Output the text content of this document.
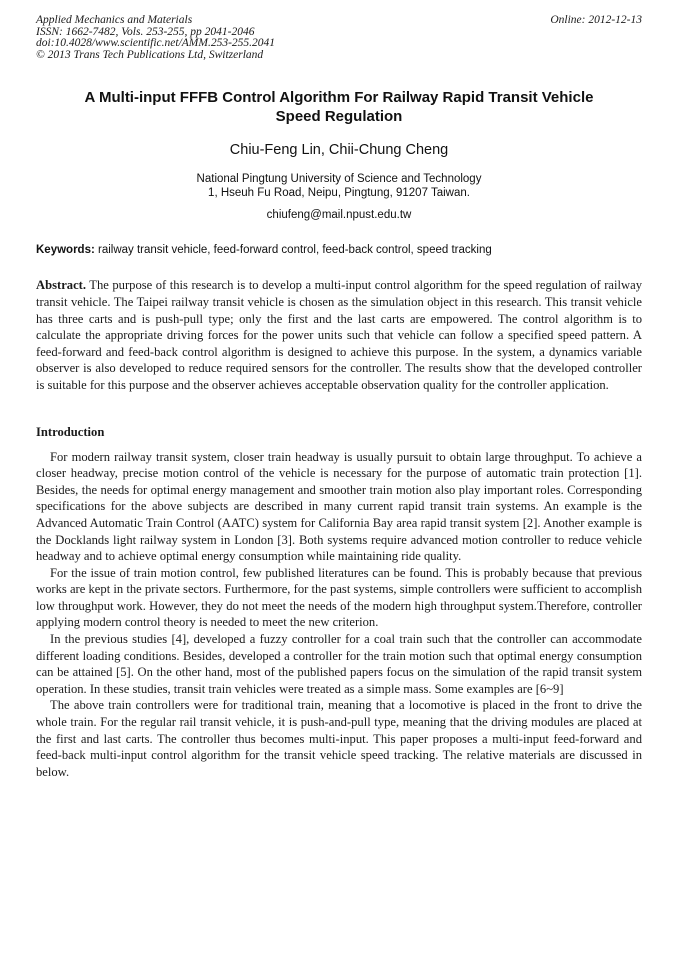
Applied Mechanics and Materials
ISSN: 1662-7482, Vols. 253-255, pp 2041-2046
doi:10.4028/www.scientific.net/AMM.253-255.2041
© 2013 Trans Tech Publications Ltd, Switzerland
Online: 2012-12-13
A Multi-input FFFB Control Algorithm For Railway Rapid Transit Vehicle Speed Regulation
Chiu-Feng Lin, Chii-Chung Cheng
National Pingtung University of Science and Technology
1, Hseuh Fu Road, Neipu, Pingtung, 91207 Taiwan.
chiufeng@mail.npust.edu.tw
Keywords: railway transit vehicle, feed-forward control, feed-back control, speed tracking
Abstract. The purpose of this research is to develop a multi-input control algorithm for the speed regulation of railway transit vehicle. The Taipei railway transit vehicle is chosen as the simulation object in this research. This transit vehicle has three carts and is push-pull type; only the first and the last carts are empowered. The control algorithm is to calculate the appropriate driving forces for the power units such that vehicle can follow a specified speed pattern. A feed-forward and feed-back control algorithm is designed to achieve this purpose. In the system, a dynamics variable observer is also developed to reduce required sensors for the controller. The results show that the developed controller is suitable for this purpose and the observer achieves acceptable observation quality for the controller application.
Introduction

For modern railway transit system, closer train headway is usually pursuit to obtain large throughput. To achieve a closer headway, precise motion control of the vehicle is necessary for the purpose of automatic train protection [1]. Besides, the needs for optimal energy management and smoother train motion also play important roles. Corresponding specifications for the above subjects are described in many current rapid transit train systems. An example is the Advanced Automatic Train Control (AATC) system for California Bay area rapid transit system [2]. Another example is the Docklands light railway system in London [3]. Both systems require advanced motion controller to reduce vehicle headway and to achieve optimal energy consumption while maintaining ride quality.

For the issue of train motion control, few published literatures can be found. This is probably because that previous works are kept in the private sectors. Furthermore, for the past systems, simple controllers were sufficient to accomplish low throughput work. However, they do not meet the needs of the modern high throughput system.Therefore, controller applying modern control theory is needed to meet the new criterion.

In the previous studies [4], developed a fuzzy controller for a coal train such that the controller can accommodate different loading conditions. Besides, developed a controller for the train motion such that optimal energy consumption can be attained [5]. On the other hand, most of the published papers focus on the simulation of the rapid transit system operation. In these studies, transit train vehicles were treated as a simple mass. Some examples are [6~9]

The above train controllers were for traditional train, meaning that a locomotive is placed in the front to drive the whole train. For the regular rail transit vehicle, it is push-and-pull type, meaning that the driving modules are placed at the first and last carts. The controller thus becomes multi-input. This paper proposes a multi-input feed-forward and feed-back multi-input control algorithm for the transit vehicle speed tracking. The relative materials are discussed in below.
